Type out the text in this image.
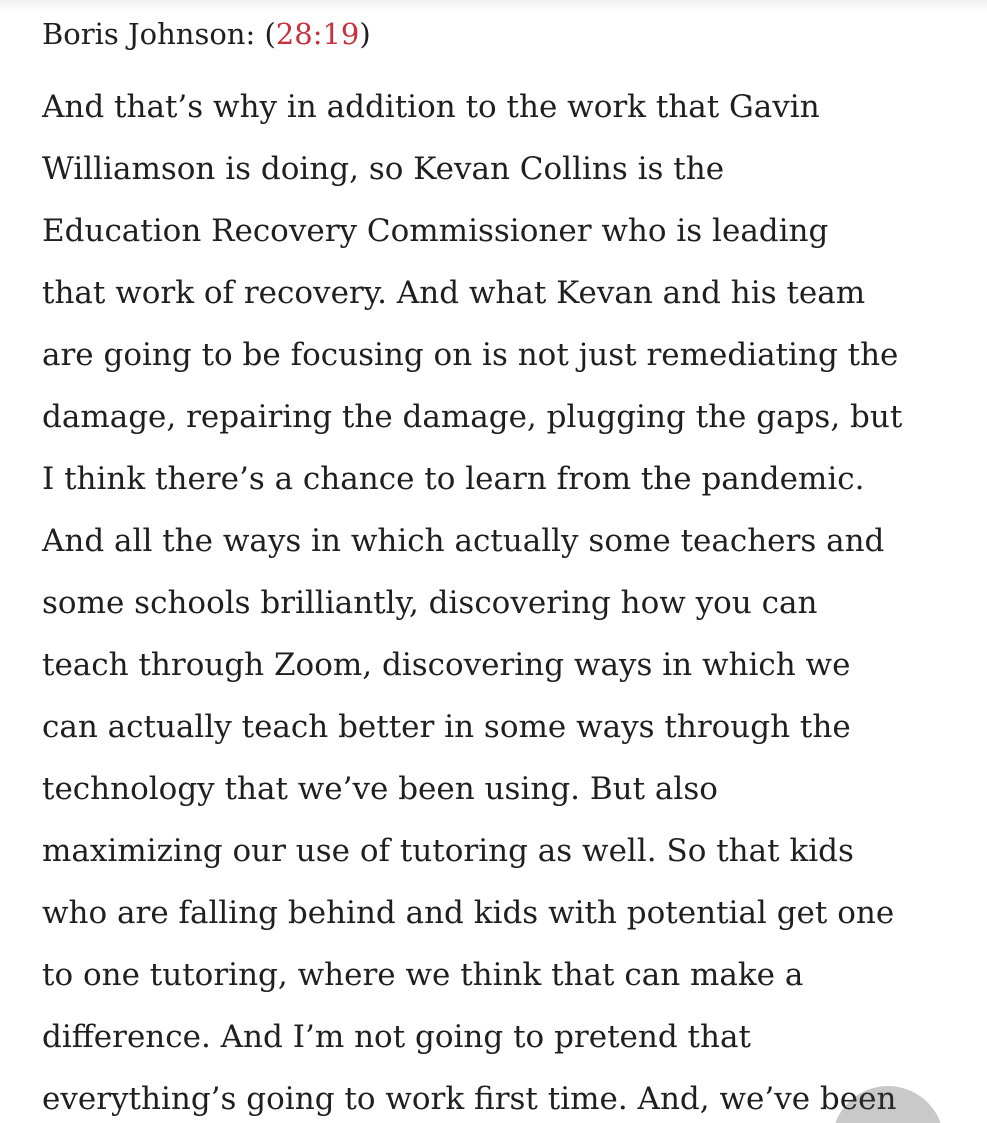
Boris Johnson: (28:19)
And that’s why in addition to the work that Gavin
Williamson is doing, so Kevan Collins is the
Education Recovery Commissioner who is leading
that work of recovery. And what Kevan and his team
are going to be focusing on is not just remediating the
damage, repairing the damage, plugging the gaps, but
I think there’s a chance to learn from the pandemic.
And all the ways in which actually some teachers and
some schools brilliantly, discovering how you can
teach through Zoom, discovering ways in which we
can actually teach better in some ways through the
technology that we’ve been using. But also
maximizing our use of tutoring as well. So that kids
who are falling behind and kids with potential get one
to one tutoring, where we think that can make a
difference. And I’m not going to pretend that
everything’s going to work first time. And, we’ve been
